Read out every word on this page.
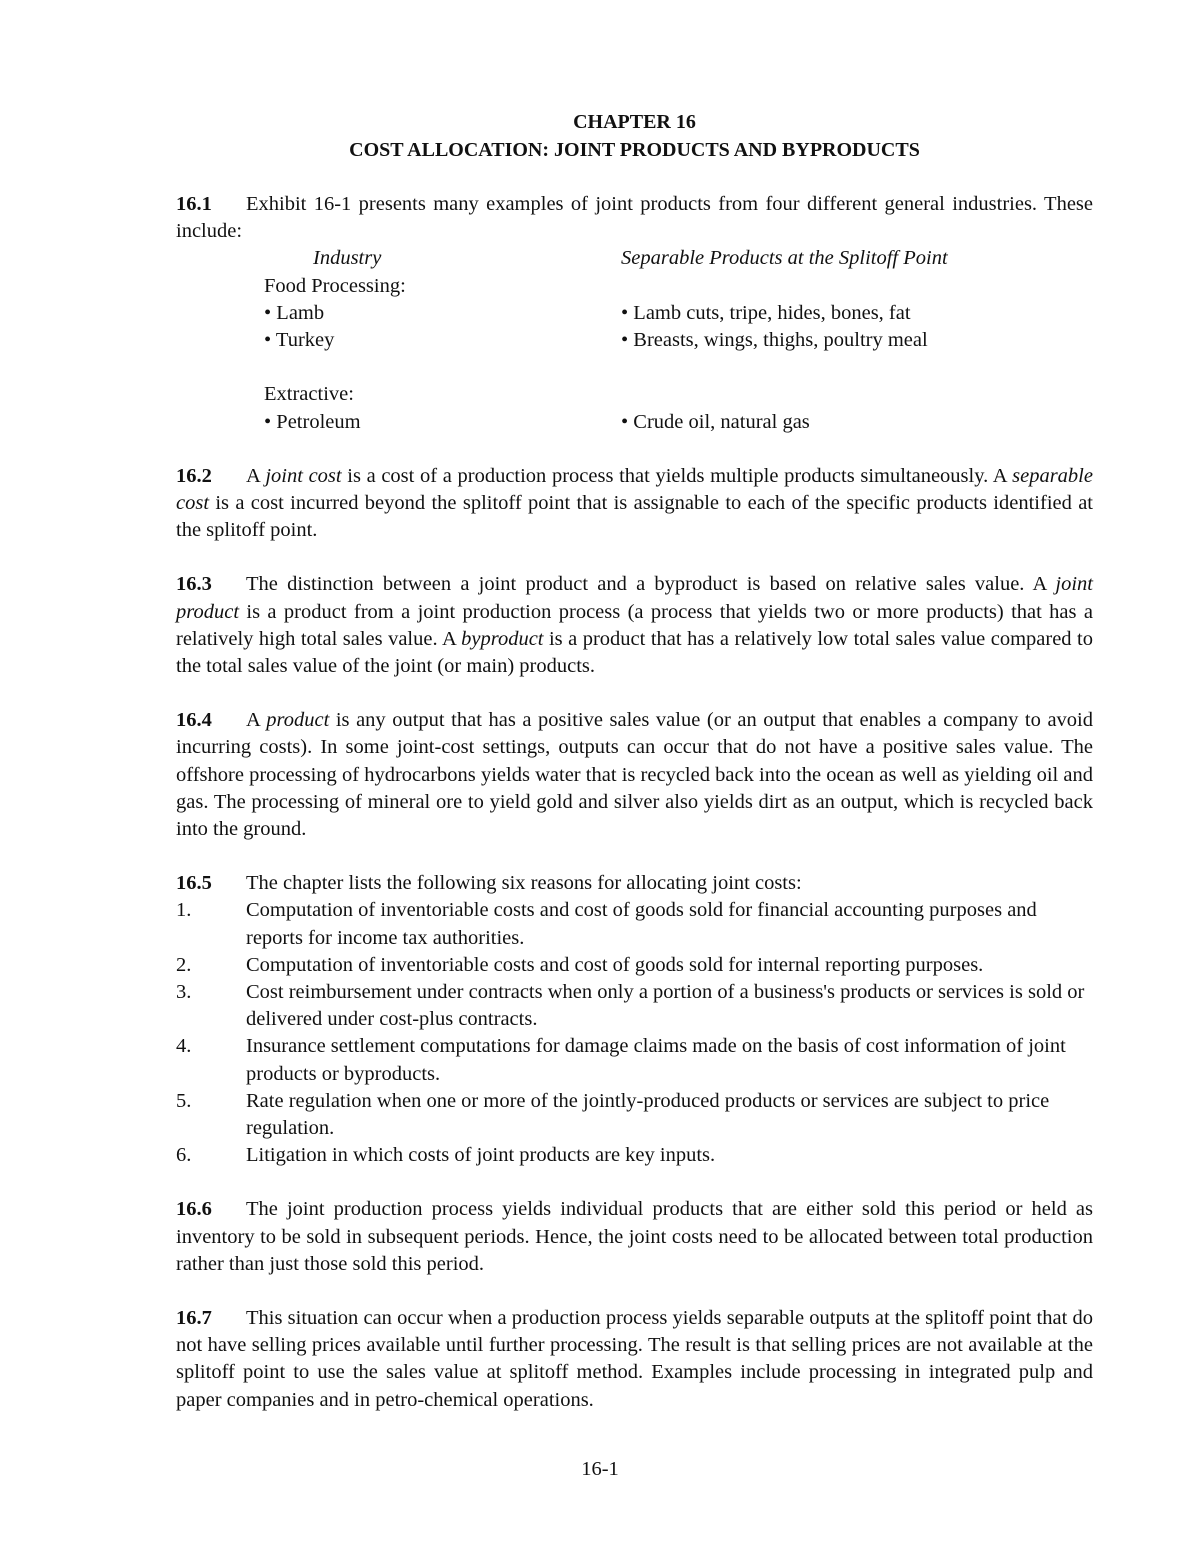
CHAPTER 16
COST ALLOCATION: JOINT PRODUCTS AND BYPRODUCTS
16.1 Exhibit 16-1 presents many examples of joint products from four different general industries. These include:
Industry	Separable Products at the Splitoff Point
Food Processing:
• Lamb	• Lamb cuts, tripe, hides, bones, fat
• Turkey	• Breasts, wings, thighs, poultry meal
Extractive:
• Petroleum	• Crude oil, natural gas
16.2 A joint cost is a cost of a production process that yields multiple products simultaneously. A separable cost is a cost incurred beyond the splitoff point that is assignable to each of the specific products identified at the splitoff point.
16.3 The distinction between a joint product and a byproduct is based on relative sales value. A joint product is a product from a joint production process (a process that yields two or more products) that has a relatively high total sales value. A byproduct is a product that has a relatively low total sales value compared to the total sales value of the joint (or main) products.
16.4 A product is any output that has a positive sales value (or an output that enables a company to avoid incurring costs). In some joint-cost settings, outputs can occur that do not have a positive sales value. The offshore processing of hydrocarbons yields water that is recycled back into the ocean as well as yielding oil and gas. The processing of mineral ore to yield gold and silver also yields dirt as an output, which is recycled back into the ground.
16.5 The chapter lists the following six reasons for allocating joint costs:
1.	Computation of inventoriable costs and cost of goods sold for financial accounting purposes and reports for income tax authorities.
2.	Computation of inventoriable costs and cost of goods sold for internal reporting purposes.
3.	Cost reimbursement under contracts when only a portion of a business's products or services is sold or delivered under cost-plus contracts.
4.	Insurance settlement computations for damage claims made on the basis of cost information of joint products or byproducts.
5.	Rate regulation when one or more of the jointly-produced products or services are subject to price regulation.
6.	Litigation in which costs of joint products are key inputs.
16.6 The joint production process yields individual products that are either sold this period or held as inventory to be sold in subsequent periods. Hence, the joint costs need to be allocated between total production rather than just those sold this period.
16.7 This situation can occur when a production process yields separable outputs at the splitoff point that do not have selling prices available until further processing. The result is that selling prices are not available at the splitoff point to use the sales value at splitoff method. Examples include processing in integrated pulp and paper companies and in petro-chemical operations.
16-1
